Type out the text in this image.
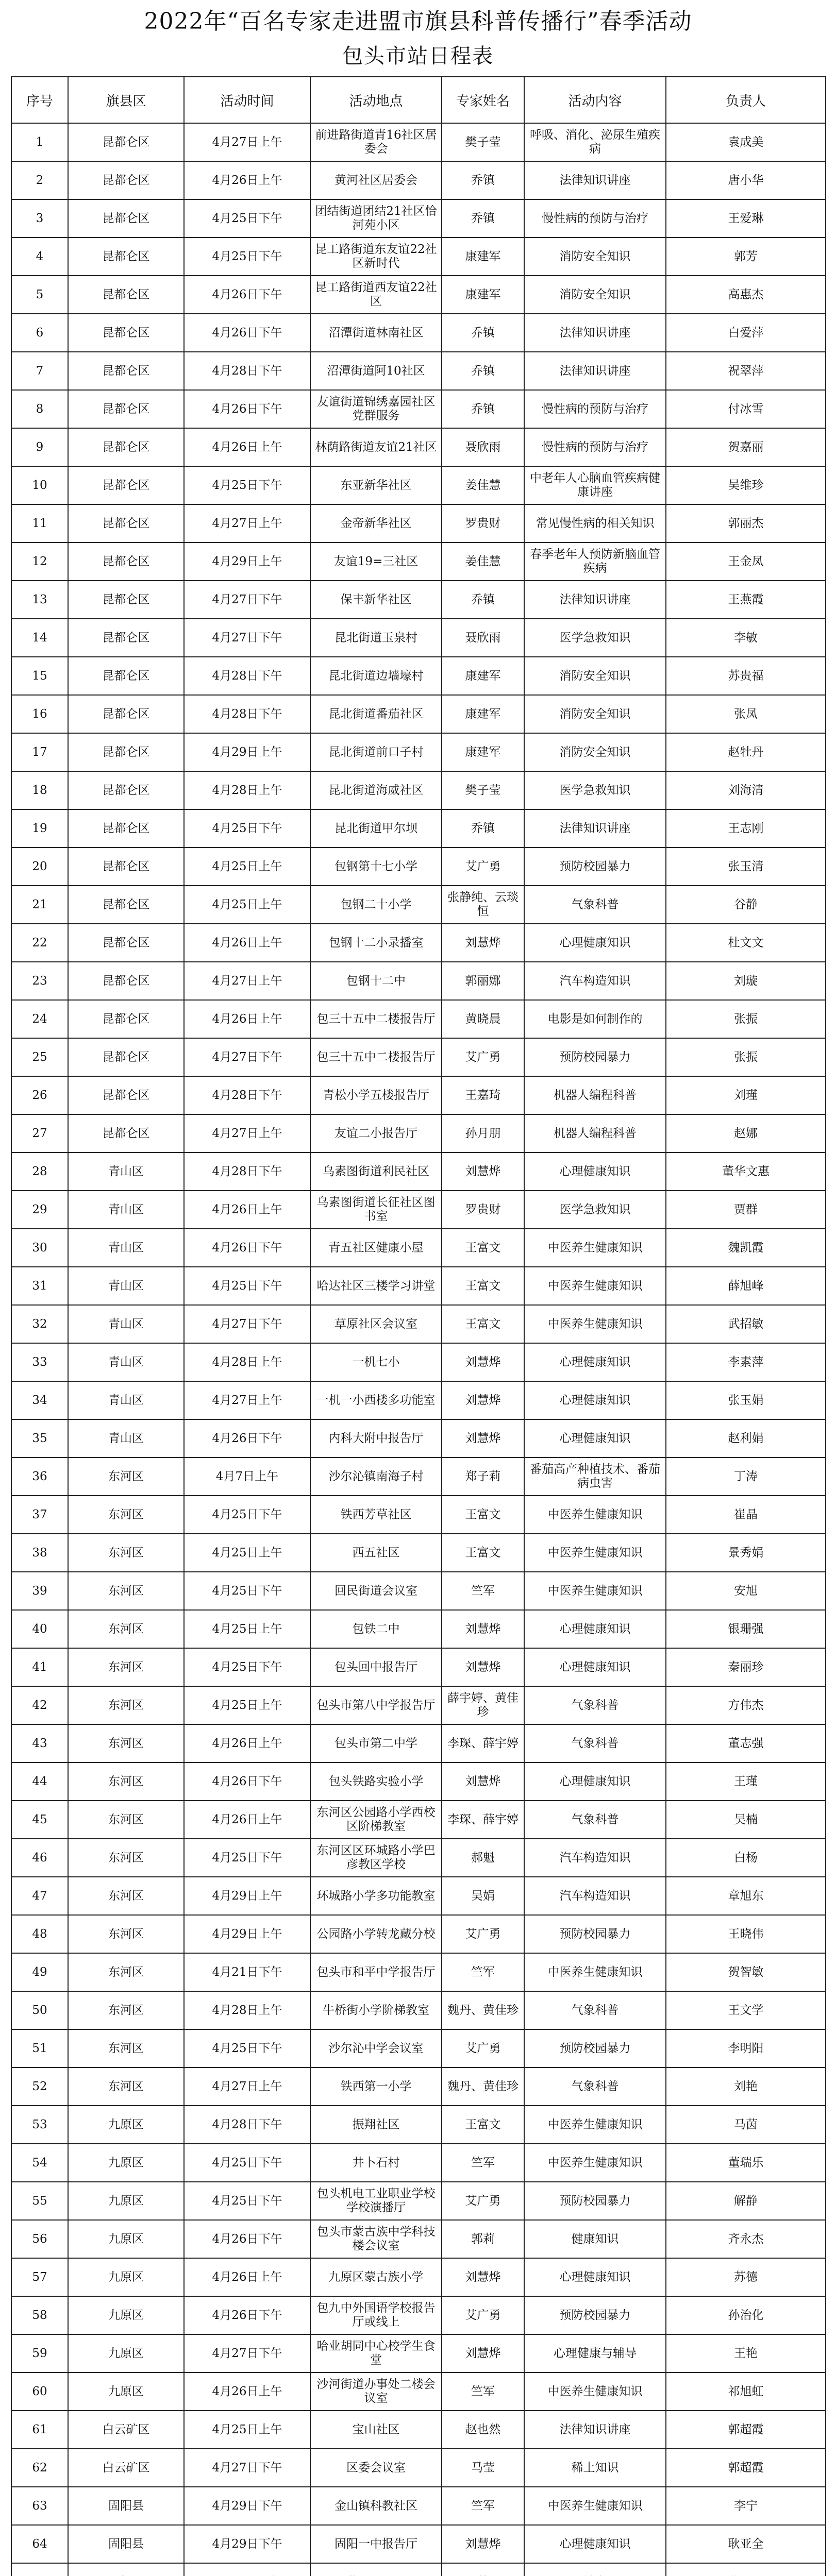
2022年“百名专家走进盟市旗县科普传播行”春季活动
包头市站日程表
序号	旗县区	活动时间	活动地点	专家姓名	活动内容	负责人
1	昆都仑区	4月27日上午	前进路街道青16社区居委会	樊子莹	呼吸、消化、泌尿生殖疾病	袁成美
2	昆都仑区	4月26日上午	黄河社区居委会	乔镇	法律知识讲座	唐小华
3	昆都仑区	4月25日下午	团结街道团结21社区恰河苑小区	乔镇	慢性病的预防与治疗	王爱琳
4	昆都仑区	4月25日下午	昆工路街道东友谊22社区新时代	康建军	消防安全知识	郭芳
5	昆都仑区	4月26日下午	昆工路街道西友谊22社区	康建军	消防安全知识	高惠杰
6	昆都仑区	4月26日下午	沼潭街道林南社区	乔镇	法律知识讲座	白爱萍
7	昆都仑区	4月28日下午	沼潭街道阿10社区	乔镇	法律知识讲座	祝翠萍
8	昆都仑区	4月26日下午	友谊街道锦绣嘉园社区党群服务	乔镇	慢性病的预防与治疗	付冰雪
9	昆都仑区	4月26日上午	林荫路街道友谊21社区	聂欣雨	慢性病的预防与治疗	贺嘉丽
10	昆都仑区	4月25日下午	东亚新华社区	姜佳慧	中老年人心脑血管疾病健康讲座	吴维珍
11	昆都仑区	4月27日上午	金帝新华社区	罗贵财	常见慢性病的相关知识	郭丽杰
12	昆都仑区	4月29日上午	友谊19=三社区	姜佳慧	春季老年人预防新脑血管疾病	王金凤
13	昆都仑区	4月27日下午	保丰新华社区	乔镇	法律知识讲座	王燕霞
14	昆都仑区	4月27日下午	昆北街道玉泉村	聂欣雨	医学急救知识	李敏
15	昆都仑区	4月28日下午	昆北街道边墙壕村	康建军	消防安全知识	苏贵福
16	昆都仑区	4月28日下午	昆北街道番茄社区	康建军	消防安全知识	张凤
17	昆都仑区	4月29日上午	昆北街道前口子村	康建军	消防安全知识	赵牡丹
18	昆都仑区	4月28日上午	昆北街道海威社区	樊子莹	医学急救知识	刘海清
19	昆都仑区	4月25日下午	昆北街道甲尔坝	乔镇	法律知识讲座	王志刚
20	昆都仑区	4月25日上午	包钢第十七小学	艾广勇	预防校园暴力	张玉清
21	昆都仑区	4月25日上午	包钢二十小学	张静纯、云琰恒	气象科普	谷静
22	昆都仑区	4月26日上午	包钢十二小录播室	刘慧烨	心理健康知识	杜文文
23	昆都仑区	4月27日上午	包钢十二中	郭丽娜	汽车构造知识	刘璇
24	昆都仑区	4月26日上午	包三十五中二楼报告厅	黄晓晨	电影是如何制作的	张振
25	昆都仑区	4月27日下午	包三十五中二楼报告厅	艾广勇	预防校园暴力	张振
26	昆都仑区	4月28日下午	青松小学五楼报告厅	王嘉琦	机器人编程科普	刘瑾
27	昆都仑区	4月27日上午	友谊二小报告厅	孙月朋	机器人编程科普	赵娜
28	青山区	4月28日下午	乌素图街道利民社区	刘慧烨	心理健康知识	董华文惠
29	青山区	4月26日上午	乌素图街道长征社区图书室	罗贵财	医学急救知识	贾群
30	青山区	4月26日下午	青五社区健康小屋	王富文	中医养生健康知识	魏凯霞
31	青山区	4月25日下午	哈达社区三楼学习讲堂	王富文	中医养生健康知识	薛旭峰
32	青山区	4月27日下午	草原社区会议室	王富文	中医养生健康知识	武招敏
33	青山区	4月28日上午	一机七小	刘慧烨	心理健康知识	李素萍
34	青山区	4月27日上午	一机一小西楼多功能室	刘慧烨	心理健康知识	张玉娟
35	青山区	4月26日下午	内科大附中报告厅	刘慧烨	心理健康知识	赵利娟
36	东河区	4月7日上午	沙尔沁镇南海子村	郑子莉	番茄高产种植技术、番茄病虫害	丁涛
37	东河区	4月25日下午	铁西芳草社区	王富文	中医养生健康知识	崔晶
38	东河区	4月25日上午	西五社区	王富文	中医养生健康知识	景秀娟
39	东河区	4月25日下午	回民街道会议室	竺军	中医养生健康知识	安旭
40	东河区	4月25日上午	包铁二中	刘慧烨	心理健康知识	银珊强
41	东河区	4月25日下午	包头回中报告厅	刘慧烨	心理健康知识	秦丽珍
42	东河区	4月25日上午	包头市第八中学报告厅	薛宇婷、黄佳珍	气象科普	方伟杰
43	东河区	4月26日上午	包头市第二中学	李琛、薛宇婷	气象科普	董志强
44	东河区	4月26日下午	包头铁路实验小学	刘慧烨	心理健康知识	王瑾
45	东河区	4月26日上午	东河区公园路小学西校区阶梯教室	李琛、薛宇婷	气象科普	吴楠
46	东河区	4月25日下午	东河区区环城路小学巴彦教区学校	郝魁	汽车构造知识	白杨
47	东河区	4月29日上午	环城路小学多功能教室	吴娟	汽车构造知识	章旭东
48	东河区	4月29日上午	公园路小学转龙藏分校	艾广勇	预防校园暴力	王晓伟
49	东河区	4月21日下午	包头市和平中学报告厅	竺军	中医养生健康知识	贺智敏
50	东河区	4月28日上午	牛桥街小学阶梯教室	魏丹、黄佳珍	气象科普	王文学
51	东河区	4月25日下午	沙尔沁中学会议室	艾广勇	预防校园暴力	李明阳
52	东河区	4月27日上午	铁西第一小学	魏丹、黄佳珍	气象科普	刘艳
53	九原区	4月28日下午	振翔社区	王富文	中医养生健康知识	马茵
54	九原区	4月25日下午	井卜石村	竺军	中医养生健康知识	董瑞乐
55	九原区	4月25日下午	包头机电工业职业学校学校演播厅	艾广勇	预防校园暴力	解静
56	九原区	4月26日下午	包头市蒙古族中学科技楼会议室	郭莉	健康知识	齐永杰
57	九原区	4月26日上午	九原区蒙古族小学	刘慧烨	心理健康知识	苏德
58	九原区	4月26日下午	包九中外国语学校报告厅或线上	艾广勇	预防校园暴力	孙治化
59	九原区	4月27日下午	哈业胡同中心校学生食堂	刘慧烨	心理健康与辅导	王艳
60	九原区	4月26日上午	沙河街道办事处二楼会议室	竺军	中医养生健康知识	祁旭虹
61	白云矿区	4月25日上午	宝山社区	赵也然	法律知识讲座	郭超霞
62	白云矿区	4月27日下午	区委会议室	马莹	稀土知识	郭超霞
63	固阳县	4月29日下午	金山镇科教社区	竺军	中医养生健康知识	李宁
64	固阳县	4月29日下午	固阳一中报告厅	刘慧烨	心理健康知识	耿亚全
